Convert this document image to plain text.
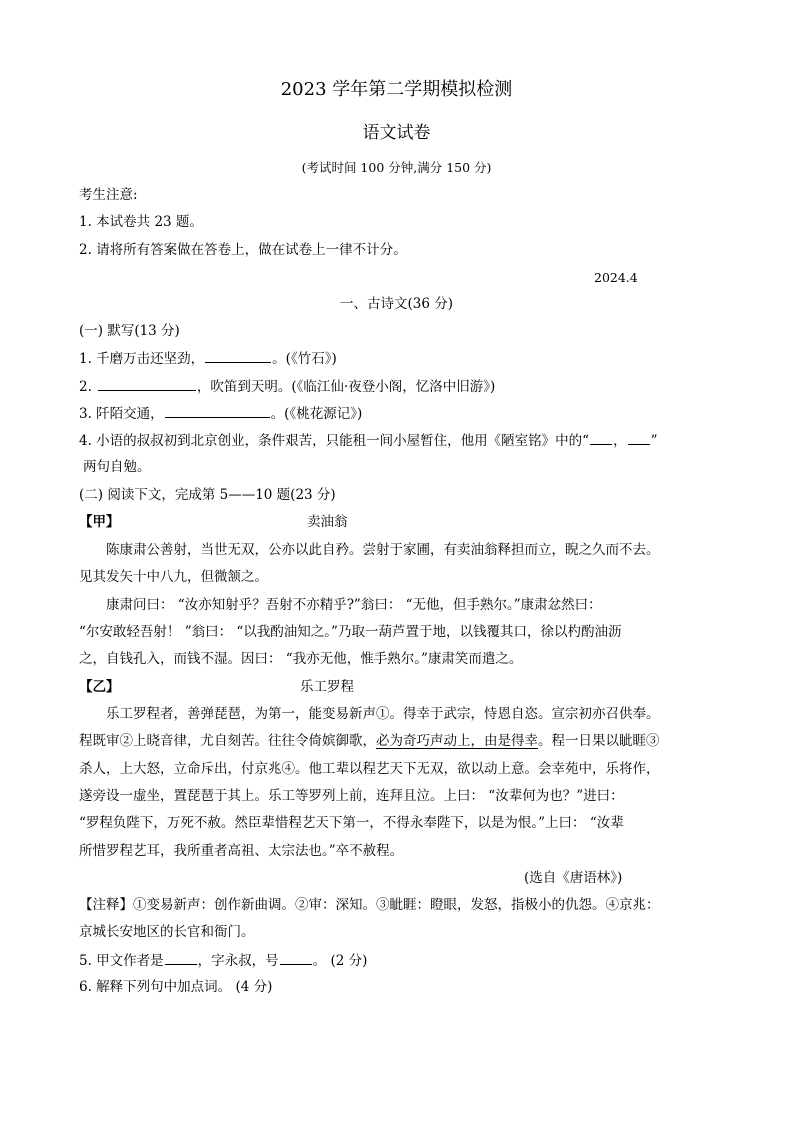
2023 学年第二学期模拟检测
语文试卷
(考试时间 100 分钟,满分 150 分)
考生注意:
1. 本试卷共 23 题。
2. 请将所有答案做在答卷上，做在试卷上一律不计分。
2024.4
一、古诗文(36 分)
(一) 默写(13 分)
1. 千磨万击还坚劲，	。(《竹石》)
2.	，吹笛到天明。(《临江仙·夜登小阁，忆洛中旧游》)
3. 阡陌交通，	。(《桃花源记》)
4. 小语的叔叔初到北京创业，条件艰苦，只能租一间小屋暂住，他用《陋室铭》中的“ ， ”
两句自勉。
(二) 阅读下文，完成第 5——10 题(23 分)
【甲】	卖油翁
陈康肃公善射，当世无双，公亦以此自矜。尝射于家圃，有卖油翁释担而立，睨之久而不去。
见其发矢十中八九，但微颔之。
康肃问曰： “汝亦知射乎？吾射不亦精乎?”翁曰： “无他，但手熟尔。”康肃忿然曰：
“尔安敢轻吾射！ ”翁曰： “以我酌油知之。”乃取一葫芦置于地，以钱覆其口，徐以杓酌油沥
之，自钱孔入，而钱不湿。因曰： “我亦无他，惟手熟尔。”康肃笑而遣之。
【乙】	乐工罗程
乐工罗程者，善弹琵琶，为第一，能变易新声①。得幸于武宗，恃恩自恣。宣宗初亦召供奉。
程既审②上晓音律，尤自刻苦。往往令倚嫔御歌，必为奇巧声动上，由是得幸。程一日果以眦睚③
杀人，上大怒，立命斥出，付京兆④。他工辈以程艺天下无双，欲以动上意。会幸苑中，乐将作，
遂旁设一虚坐，置琵琶于其上。乐工等罗列上前，连拜且泣。上曰： “汝辈何为也？”进曰：
“罗程负陛下，万死不赦。然臣辈惜程艺天下第一，不得永奉陛下，以是为恨。”上曰： “汝辈
所惜罗程艺耳，我所重者高祖、太宗法也。”卒不赦程。
(选自《唐语林》)
【注释】①变易新声：创作新曲调。②审：深知。③眦睚：瞪眼，发怒，指极小的仇怨。④京兆：
京城长安地区的长官和衙门。
5. 甲文作者是	，字永叔，号	。 (2 分)
6. 解释下列句中加点词。 (4 分)
